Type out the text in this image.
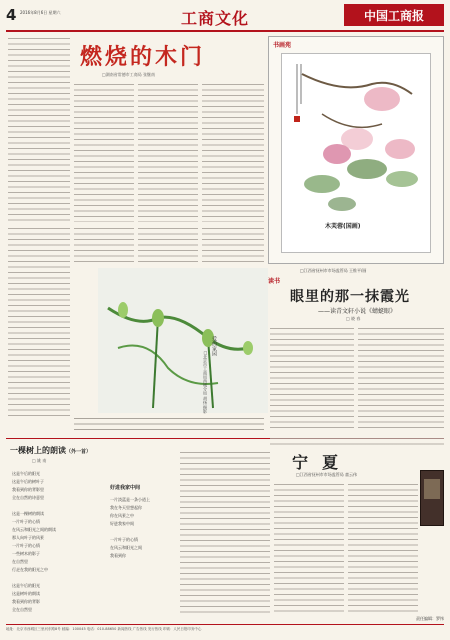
4 2016年8月6日 星期六	工商文化	中国工商报
燃烧的木门
□湖南省常德市工商局 张继南
书画苑
木芙蓉(国画)
□江西省抚州市市场监管局 王惟平/画
读书
眼里的那一抹霞光
——读青文轩小说《蜻蜓眼》
□ 晓 春
爱的家园
□北京市工商局西城分局 胡扬 摄影
一棵树上的朗读（外一首）
□ 姚 南
这是午后的阳光
这是午后的树叶子
我看到你的背影里
全在自然的诗意里

这是一棵树的朗读
一片叶子的心情
在风云和阳光之间的朗读
那人向叶子的风景
一片叶子的心情
一些树木的影子
在自然里
行走在我的阳光之中

这是午后的阳光
这是树叶的朗读
我看到你的背影
全在自然里
好进我家中间
一片淡蓝是一条小道上
我在冬天里想起你
你在风景之中
好进我家中间

一片叶子的心情
在风云和阳光之间
我看到你
宁夏
□江西省抚州市市场监管局 童云伟
责任编辑：罗纬
地址：北京市西城区三里河东路8号 邮编：100045 电话：010-88650 新闻热线 广告热线 发行热线 印刷：人民日报印务中心
